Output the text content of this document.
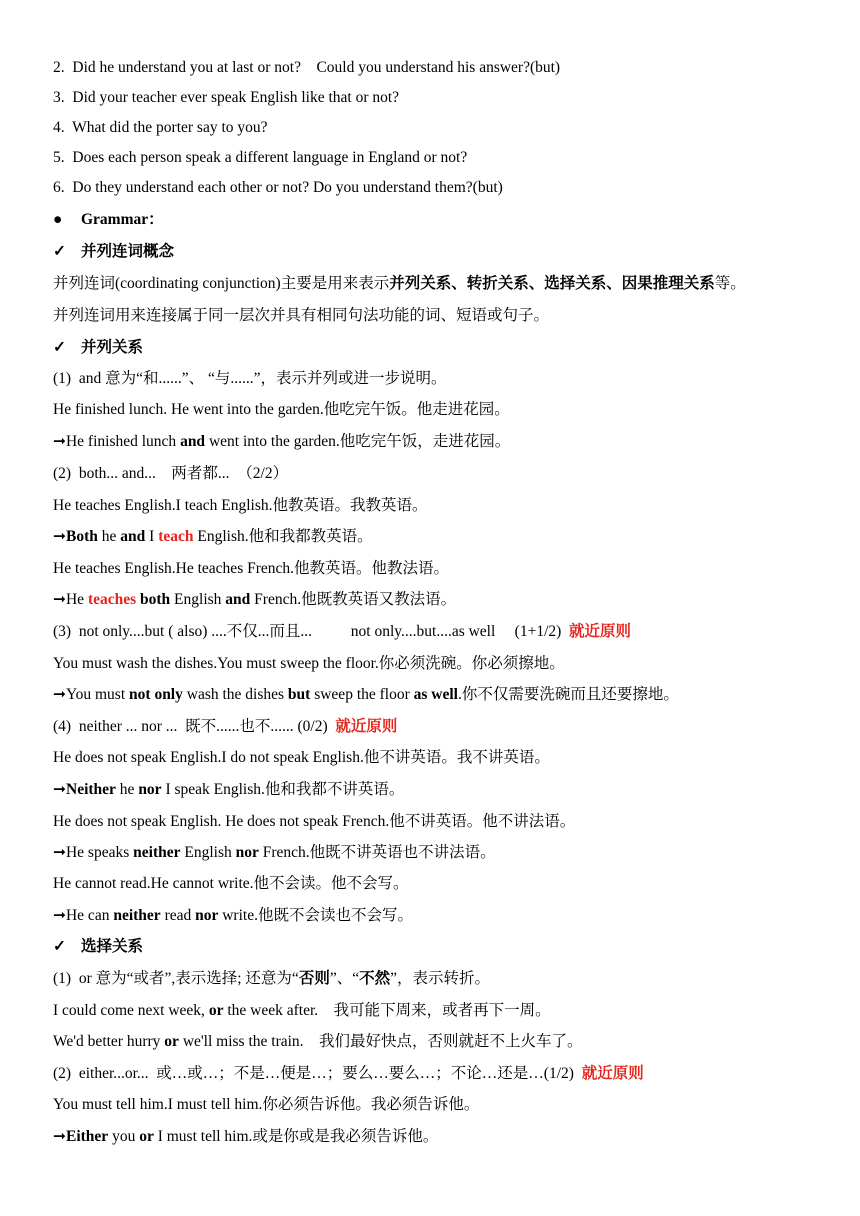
2.  Did he understand you at last or not?    Could you understand his answer?(but)
3.  Did your teacher ever speak English like that or not?
4.  What did the porter say to you?
5.  Does each person speak a different language in England or not?
6.  Do they understand each other or not? Do you understand them?(but)
● Grammar：
✓ 并列连词概念
并列连词(coordinating conjunction)主要是用来表示并列关系、转折关系、选择关系、因果推理关系等。
并列连词用来连接属于同一层次并具有相同句法功能的词、短语或句子。
✓ 并列关系
(1)  and 意为“和......”、 “与......”，表示并列或进一步说明。
He finished lunch. He went into the garden.他吃完午饭。他走进花园。
➞He finished lunch and went into the garden.他吃完午饭，走进花园。
(2)  both... and...    两者都...  （2/2）
He teaches English.I teach English.他教英语。我教英语。
➞Both he and I teach English.他和我都教英语。
He teaches English.He teaches French.他教英语。他教法语。
➞He teaches both English and French.他既教英语又教法语。
(3)  not only....but ( also) ....不仅...而且...          not only....but....as well     (1+1/2)  就近原则
You must wash the dishes.You must sweep the floor.你必须洗碗。你必须擦地。
➞You must not only wash the dishes but sweep the floor as well.你不仅需要洗碗而且还要擦地。
(4)  neither ... nor ...  既不......也不...... (0/2)  就近原则
He does not speak English.I do not speak English.他不讲英语。我不讲英语。
➞Neither he nor I speak English.他和我都不讲英语。
He does not speak English. He does not speak French.他不讲英语。他不讲法语。
➞He speaks neither English nor French.他既不讲英语也不讲法语。
He cannot read.He cannot write.他不会读。他不会写。
➞He can neither read nor write.他既不会读也不会写。
✓ 选择关系
(1)  or 意为“或者”,表示选择; 还意为“否则”、“不然”，表示转折。
I could come next week, or the week after.    我可能下周来，或者再下一周。
We'd better hurry or we'll miss the train.    我们最好快点，否则就赶不上火车了。
(2)  either...or...  或…或…；不是…便是…；要么…要么…；不论…还是…(1/2)  就近原则
You must tell him.I must tell him.你必须告诉他。我必须告诉他。
➞Either you or I must tell him.或是你或是我必须告诉他。
